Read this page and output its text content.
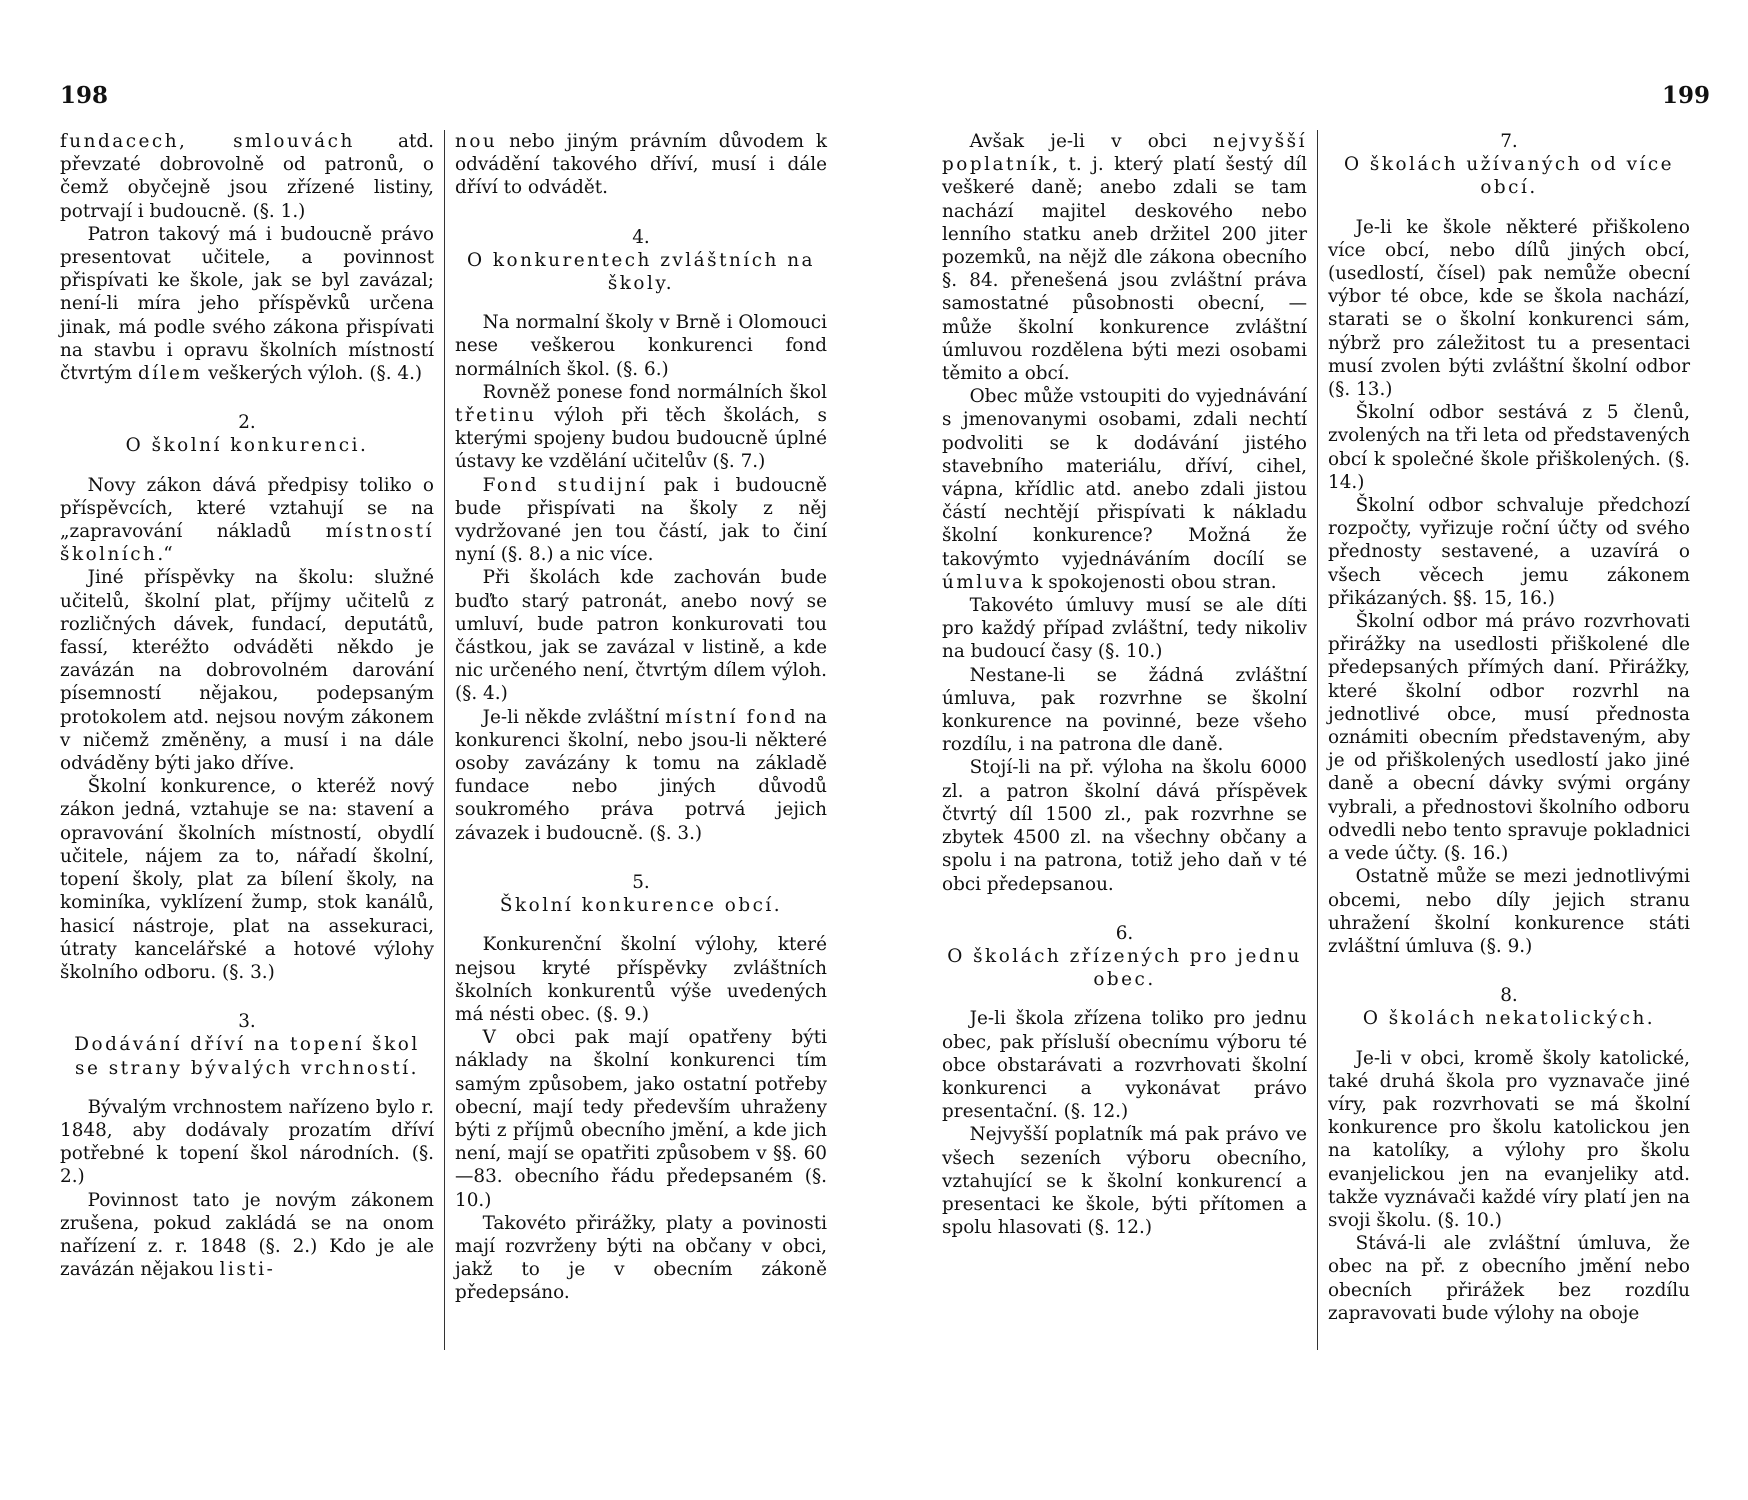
198	199

fundacech, smlouvách atd. převzaté dobrovolně od patronů, o čemž obyčejně jsou zřízené listiny, potrvají i budoucně. (§. 1.)

Patron takový má i budoucně právo presentovat učitele, a povinnost přispívati ke škole, jak se byl zavázal; není-li míra jeho příspěvků určena jinak, má podle svého zákona přispívati na stavbu i opravu školních místností čtvrtým dílem veškerých výloh. (§. 4.)

2.
O školní konkurenci.

Novy zákon dává předpisy toliko o příspěvcích, které vztahují se na „zapravování nákladů místností školních.“

Jiné příspěvky na školu: služné učitelů, školní plat, příjmy učitelů z rozličných dávek, fundací, deputátů, fassí, kteréžto odváděti někdo je zavázán na dobrovolném darování písemností nějakou, podepsaným protokolem atd. nejsou novým zákonem v ničemž změněny, a musí i na dále odváděny býti jako dříve.

Školní konkurence, o kteréž nový zákon jedná, vztahuje se na: stavení a opravování školních místností, obydlí učitele, nájem za to, nářadí školní, topení školy, plat za bílení školy, na kominíka, vyklízení žump, stok kanálů, hasicí nástroje, plat na assekuraci, útraty kancelářské a hotové výlohy školního odboru. (§. 3.)

3.
Dodávání dříví na topení škol se strany bývalých vrchností.

Bývalým vrchnostem nařízeno bylo r. 1848, aby dodávaly prozatím dříví potřebné k topení škol národních. (§. 2.)

Povinnost tato je novým zákonem zrušena, pokud zakládá se na onom nařízení z. r. 1848 (§. 2.) Kdo je ale zavázán nějakou listi-

nou nebo jiným právním důvodem k odvádění takového dříví, musí i dále dříví to odvádět.

4.
O konkurentech zvláštních na školy.

Na normalní školy v Brně i Olomouci nese veškerou konkurenci fond normálních škol. (§. 6.)

Rovněž ponese fond normálních škol třetinu výloh při těch školách, s kterými spojeny budou budoucně úplné ústavy ke vzdělání učitelův (§. 7.)

Fond studijní pak i budoucně bude přispívati na školy z něj vydržované jen tou částí, jak to činí nyní (§. 8.) a nic více.

Při školách kde zachován bude buďto starý patronát, anebo nový se umluví, bude patron konkurovati tou částkou, jak se zavázal v listině, a kde nic určeného není, čtvrtým dílem výloh. (§. 4.)

Je-li někde zvláštní místní fond na konkurenci školní, nebo jsou-li některé osoby zavázány k tomu na základě fundace nebo jiných důvodů soukromého práva potrvá jejich závazek i budoucně. (§. 3.)

5.
Školní konkurence obcí.

Konkurenční školní výlohy, které nejsou kryté příspěvky zvláštních školních konkurentů výše uvedených má nésti obec. (§. 9.)

V obci pak mají opatřeny býti náklady na školní konkurenci tím samým způsobem, jako ostatní potřeby obecní, mají tedy především uhraženy býti z příjmů obecního jmění, a kde jich není, mají se opatřiti způsobem v §§. 60—83. obecního řádu předepsaném (§. 10.)

Takovéto přirážky, platy a povinosti mají rozvrženy býti na občany v obci, jakž to je v obecním zákoně předepsáno.

Avšak je-li v obci nejvyšší poplatník, t. j. který platí šestý díl veškeré daně; anebo zdali se tam nachází majitel deskového nebo lenního statku aneb držitel 200 jiter pozemků, na nějž dle zákona obecního §. 84. přenešená jsou zvláštní práva samostatné působnosti obecní, — může školní konkurence zvláštní úmluvou rozdělena býti mezi osobami těmito a obcí.

Obec může vstoupiti do vyjednávání s jmenovanymi osobami, zdali nechtí podvoliti se k dodávání jistého stavebního materiálu, dříví, cihel, vápna, křídlic atd. anebo zdali jistou částí nechtějí přispívati k nákladu školní konkurence? Možná že takovýmto vyjednáváním docílí se úmluva k spokojenosti obou stran.

Takovéto úmluvy musí se ale díti pro každý případ zvláštní, tedy nikoliv na budoucí časy (§. 10.)

Nestane-li se žádná zvláštní úmluva, pak rozvrhne se školní konkurence na povinné, beze všeho rozdílu, i na patrona dle daně.

Stojí-li na př. výloha na školu 6000 zl. a patron školní dává příspěvek čtvrtý díl 1500 zl., pak rozvrhne se zbytek 4500 zl. na všechny občany a spolu i na patrona, totiž jeho daň v té obci předepsanou.

6.
O školách zřízených pro jednu obec.

Je-li škola zřízena toliko pro jednu obec, pak přísluší obecnímu výboru té obce obstarávati a rozvrhovati školní konkurenci a vykonávat právo presentační. (§. 12.)

Nejvyšší poplatník má pak právo ve všech sezeních výboru obecního, vztahující se k školní konkurencí a presentaci ke škole, býti přítomen a spolu hlasovati (§. 12.)

7.
O školách užívaných od více obcí.

Je-li ke škole některé přiškoleno více obcí, nebo dílů jiných obcí, (usedlostí, čísel) pak nemůže obecní výbor té obce, kde se škola nachází, starati se o školní konkurenci sám, nýbrž pro záležitost tu a presentaci musí zvolen býti zvláštní školní odbor (§. 13.)

Školní odbor sestává z 5 členů, zvolených na tři leta od představených obcí k společné škole přiškolených. (§. 14.)

Školní odbor schvaluje předchozí rozpočty, vyřizuje roční účty od svého přednosty sestavené, a uzavírá o všech věcech jemu zákonem přikázaných. §§. 15, 16.)

Školní odbor má právo rozvrhovati přirážky na usedlosti přiškolené dle předepsaných přímých daní. Přirážky, které školní odbor rozvrhl na jednotlivé obce, musí přednosta oznámiti obecním představeným, aby je od přiškolených usedlostí jako jiné daně a obecní dávky svými orgány vybrali, a přednostovi školního odboru odvedli nebo tento spravuje pokladnici a vede účty. (§. 16.)

Ostatně může se mezi jednotlivými obcemi, nebo díly jejich stranu uhražení školní konkurence státi zvláštní úmluva (§. 9.)

8.
O školách nekatolických.

Je-li v obci, kromě školy katolické, také druhá škola pro vyznavače jiné víry, pak rozvrhovati se má školní konkurence pro školu katolickou jen na katolíky, a výlohy pro školu evanjelickou jen na evanjeliky atd. takže vyznávači každé víry platí jen na svoji školu. (§. 10.)

Stává-li ale zvláštní úmluva, že obec na př. z obecního jmění nebo obecních přirážek bez rozdílu zapravovati bude výlohy na oboje
